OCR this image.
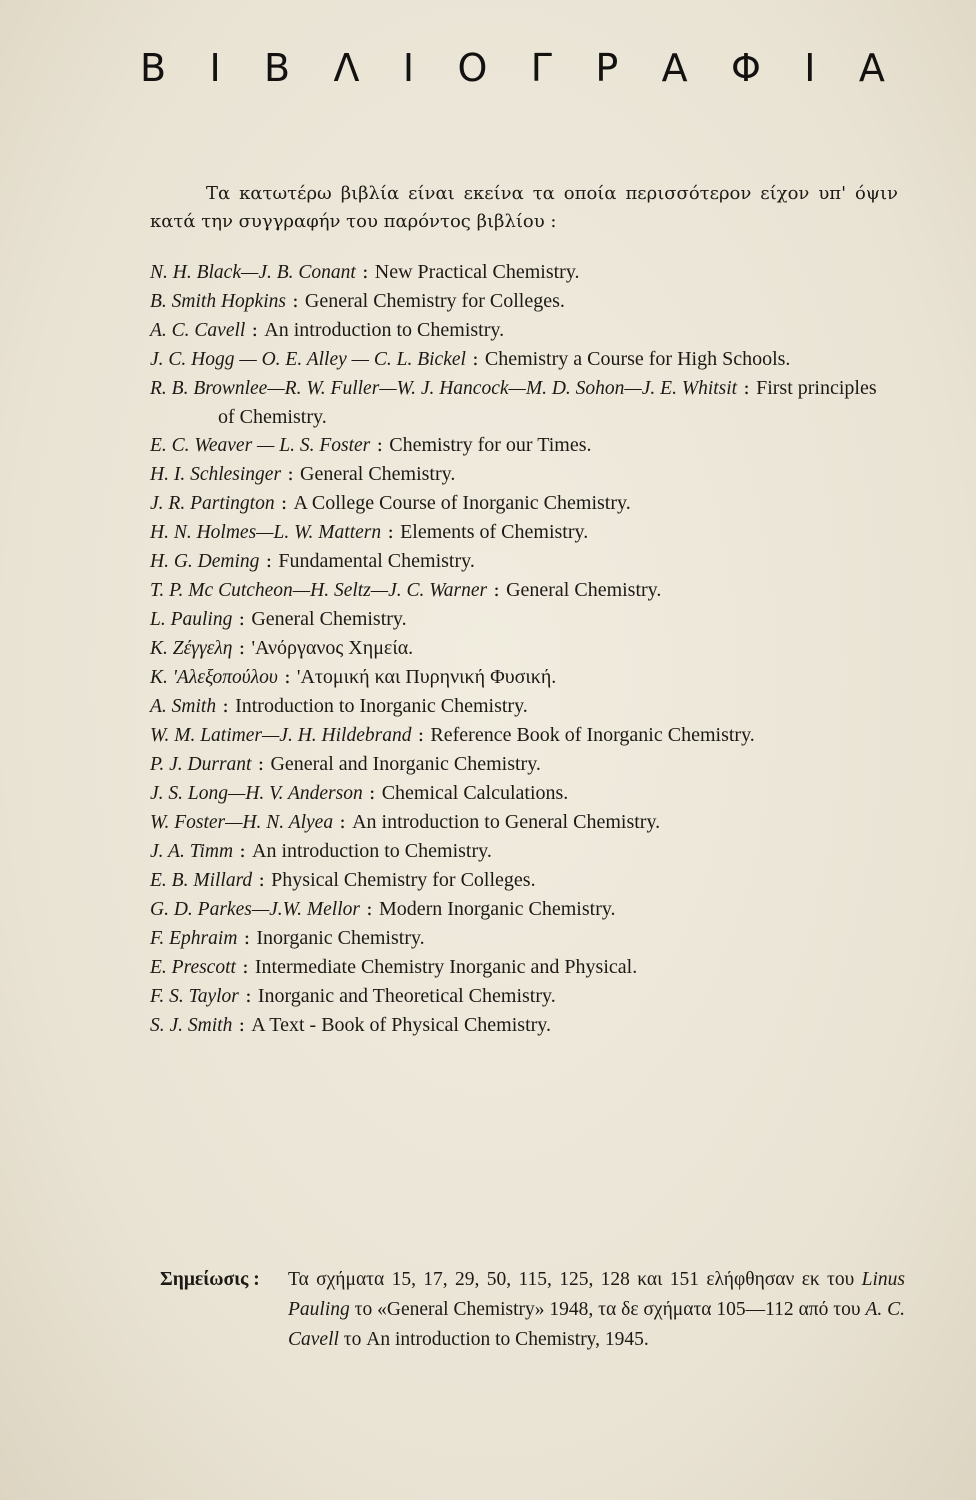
Β Ι Β Λ Ι Ο Γ Ρ Α Φ Ι Α
Τα κατωτέρω βιβλία είναι εκείνα τα οποία περισσότερον είχον υπ' όψιν κατά την συγγραφήν του παρόντος βιβλίου :
N. H. Black—J. B. Conant : New Practical Chemistry.
B. Smith Hopkins : General Chemistry for Colleges.
A. C. Cavell : An introduction to Chemistry.
J. C. Hogg — O. E. Alley — C. L. Bickel : Chemistry a Course for High Schools.
R. B. Brownlee—R. W. Fuller—W. J. Hancock—M. D. Sohon—J. E. Whitsit : First principles of Chemistry.
E. C. Weaver — L. S. Foster : Chemistry for our Times.
H. I. Schlesinger : General Chemistry.
J. R. Partington : A College Course of Inorganic Chemistry.
H. N. Holmes—L. W. Mattern : Elements of Chemistry.
H. G. Deming : Fundamental Chemistry.
T. P. Mc Cutcheon—H. Seltz—J. C. Warner : General Chemistry.
L. Pauling : General Chemistry.
K. Ζέγγελη : 'Ανόργανος Χημεία.
K. 'Αλεξοπούλου : 'Ατομική και Πυρηνική Φυσική.
A. Smith : Introduction to Inorganic Chemistry.
W. M. Latimer—J. H. Hildebrand : Reference Book of Inorganic Chemistry.
P. J. Durrant : General and Inorganic Chemistry.
J. S. Long—H. V. Anderson : Chemical Calculations.
W. Foster—H. N. Alyea : An introduction to General Chemistry.
J. A. Timm : An introduction to Chemistry.
E. B. Millard : Physical Chemistry for Colleges.
G. D. Parkes—J.W. Mellor : Modern Inorganic Chemistry.
F. Ephraim : Inorganic Chemistry.
E. Prescott : Intermediate Chemistry Inorganic and Physical.
F. S. Taylor : Inorganic and Theoretical Chemistry.
S. J. Smith : A Text - Book of Physical Chemistry.
Σημείωσις : Τα σχήματα 15, 17, 29, 50, 115, 125, 128 και 151 ελήφθησαν εκ του Linus Pauling το «General Chemistry» 1948, τα δε σχήματα 105—112 από του A. C. Cavell το An introduction to Chemistry, 1945.
